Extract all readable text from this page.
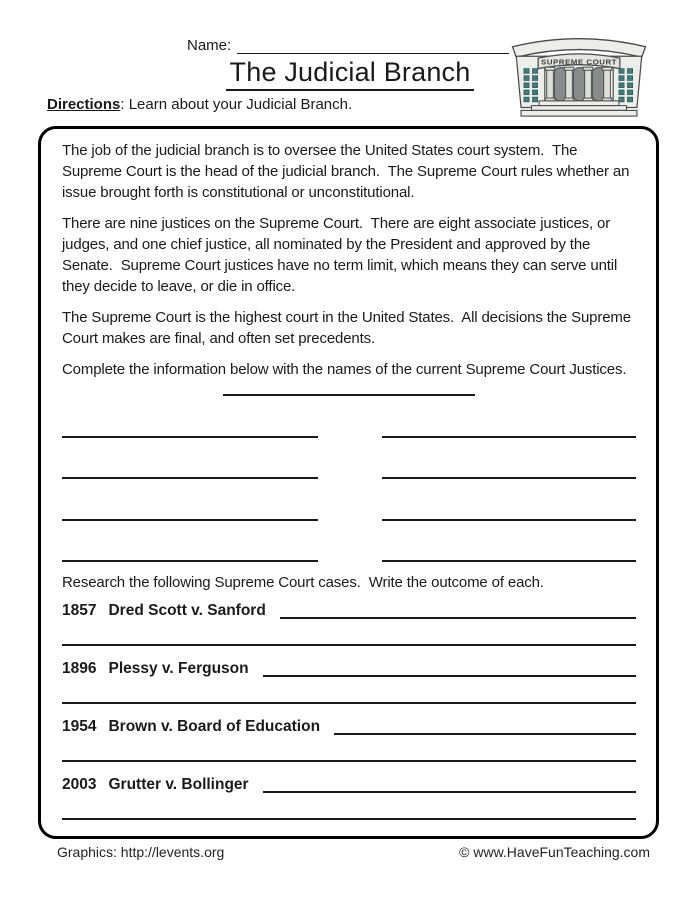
Name:
The Judicial Branch
Directions: Learn about your Judicial Branch.
SUPREME COURT

The job of the judicial branch is to oversee the United States court system.  The Supreme Court is the head of the judicial branch.  The Supreme Court rules whether an issue brought forth is constitutional or unconstitutional.

There are nine justices on the Supreme Court.  There are eight associate justices, or judges, and one chief justice, all nominated by the President and approved by the Senate.  Supreme Court justices have no term limit, which means they can serve until they decide to leave, or die in office.

The Supreme Court is the highest court in the United States.  All decisions the Supreme Court makes are final, and often set precedents.

Complete the information below with the names of the current Supreme Court Justices.

Research the following Supreme Court cases.  Write the outcome of each.

1857 Dred Scott v. Sanford
1896 Plessy v. Ferguson
1954 Brown v. Board of Education
2003 Grutter v. Bollinger
Graphics: http://levents.org	© www.HaveFunTeaching.com
